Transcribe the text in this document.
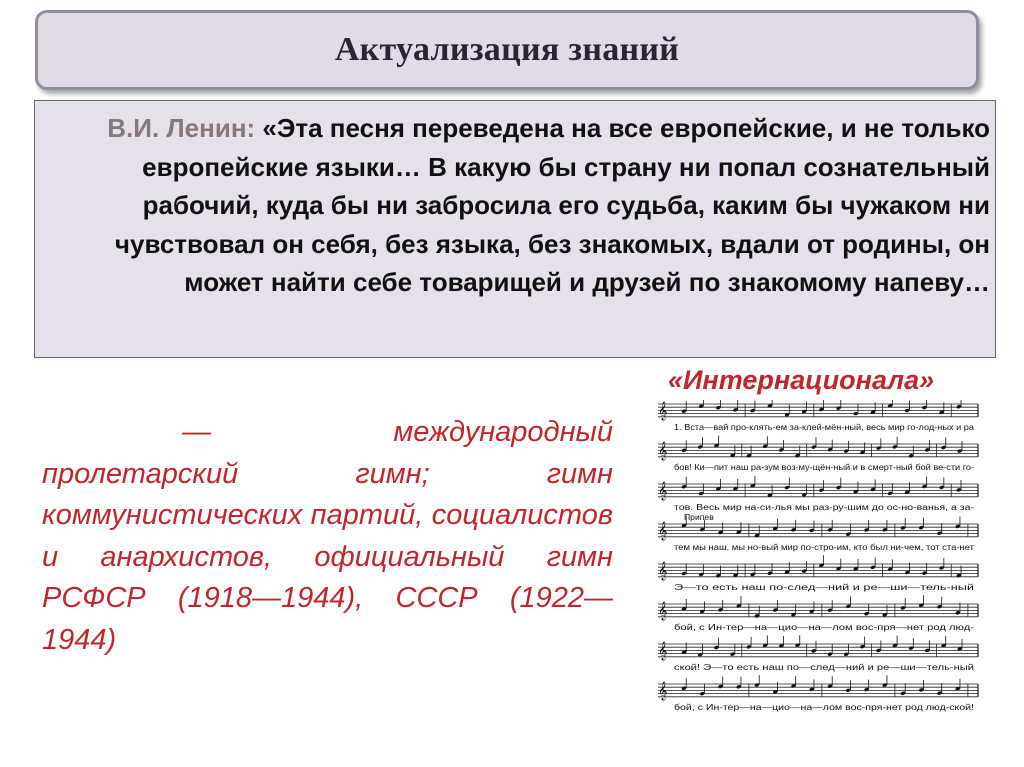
Актуализация знаний
В.И. Ленин: «Эта песня переведена на все европейские, и не только европейские языки… В какую бы страну ни попал сознательный рабочий, куда бы ни забросила его судьба, каким бы чужаком ни чувствовал он себя, без языка, без знакомых, вдали от родины, он может найти себе товарищей и друзей по знакомому напеву…
«Интернационала»
—	международный пролетарский гимн; гимн коммунистических партий, социалистов и анархистов, официальный гимн РСФСР (1918—1944), СССР (1922—1944)
𝄞
1. Вста—вай про-клять-ем за-клей-мён-ный, весь мир го-лод-ных и ра
𝄞
бов! Ки—пит наш ра-зум воз-му-щён-ный и в смерт-ный бой ве-сти го-
𝄞
тов. Весь мир на-си-лья мы раз-ру-шим до ос-но-ванья, а за-
𝄞
тем мы наш, мы но-вый мир по-стро-им, кто был ни-чем, тот ста-нет
Припев
𝄞
Э—то есть наш по-след—ний и ре—ши—тель-ный
𝄞
бой, с Ин-тер—на—цио—на—лом вос-пря—нет род люд-
𝄞
ской! Э—то есть наш по—след—ний и ре—ши—тель-ный
𝄞
бой, с Ин-тер—на—цио—на—лом вос-пря-нет род люд-ской!
